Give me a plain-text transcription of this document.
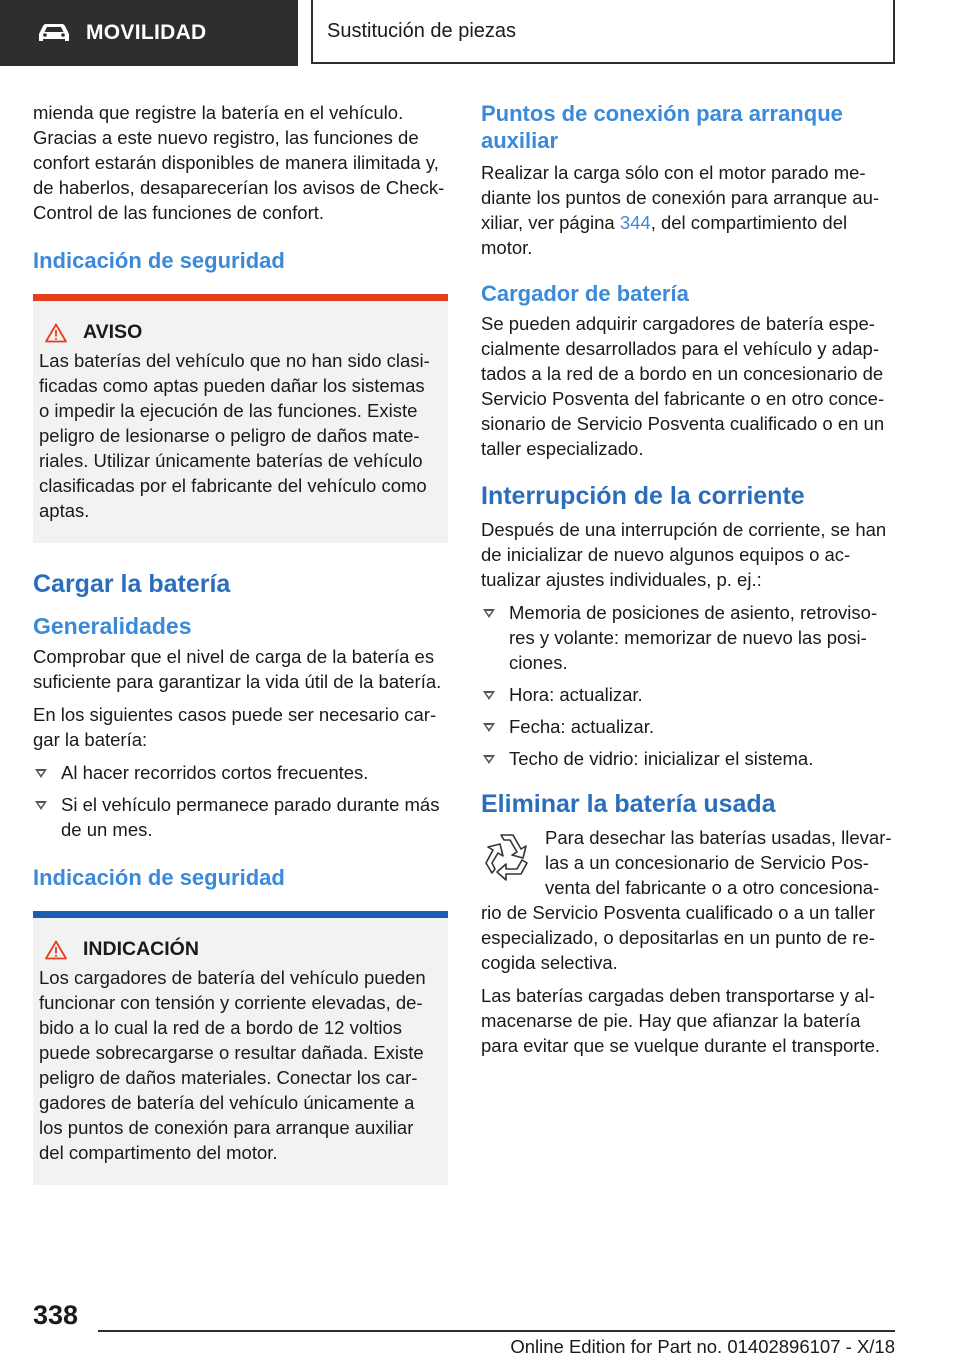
MOVILIDAD	Sustitución de piezas

mienda que registre la batería en el vehículo. Gracias a este nuevo registro, las funciones de confort estarán disponibles de manera ilimitada y, de haberlos, desaparecerían los avisos de Check-Control de las funciones de confort.

Indicación de seguridad
AVISO

Las baterías del vehículo que no han sido clasi‐ficadas como aptas pueden dañar los sistemas o impedir la ejecución de las funciones. Existe peligro de lesionarse o peligro de daños mate‐riales. Utilizar únicamente baterías de vehículo clasificadas por el fabricante del vehículo como aptas.

Cargar la batería
Generalidades

Comprobar que el nivel de carga de la batería es suficiente para garantizar la vida útil de la batería.

En los siguientes casos puede ser necesario car‐gar la batería:

Al hacer recorridos cortos frecuentes.
Si el vehículo permanece parado durante más de un mes.
Indicación de seguridad
INDICACIÓN

Los cargadores de batería del vehículo pueden funcionar con tensión y corriente elevadas, de‐bido a lo cual la red de a bordo de 12 voltios puede sobrecargarse o resultar dañada. Existe peligro de daños materiales. Conectar los car‐gadores de batería del vehículo únicamente a los puntos de conexión para arranque auxiliar del compartimento del motor.

Puntos de conexión para arranque auxiliar

Realizar la carga sólo con el motor parado me‐diante los puntos de conexión para arranque au‐xiliar, ver página 344, del compartimiento del motor.

Cargador de batería

Se pueden adquirir cargadores de batería espe‐cialmente desarrollados para el vehículo y adap‐tados a la red de a bordo en un concesionario de Servicio Posventa del fabricante o en otro conce‐sionario de Servicio Posventa cualificado o en un taller especializado.

Interrupción de la corriente

Después de una interrupción de corriente, se han de inicializar de nuevo algunos equipos o ac‐tualizar ajustes individuales, p. ej.:

Memoria de posiciones de asiento, retroviso‐res y volante: memorizar de nuevo las posi‐ciones.
Hora: actualizar.
Fecha: actualizar.
Techo de vidrio: inicializar el sistema.
Eliminar la batería usada

Para desechar las baterías usadas, llevar‐las a un concesionario de Servicio Pos‐venta del fabricante o a otro concesiona‐rio de Servicio Posventa cualificado o a un taller especializado, o depositarlas en un punto de re‐cogida selectiva.

Las baterías cargadas deben transportarse y al‐macenarse de pie. Hay que afianzar la batería para evitar que se vuelque durante el transporte.

338
Online Edition for Part no. 01402896107 - X/18
